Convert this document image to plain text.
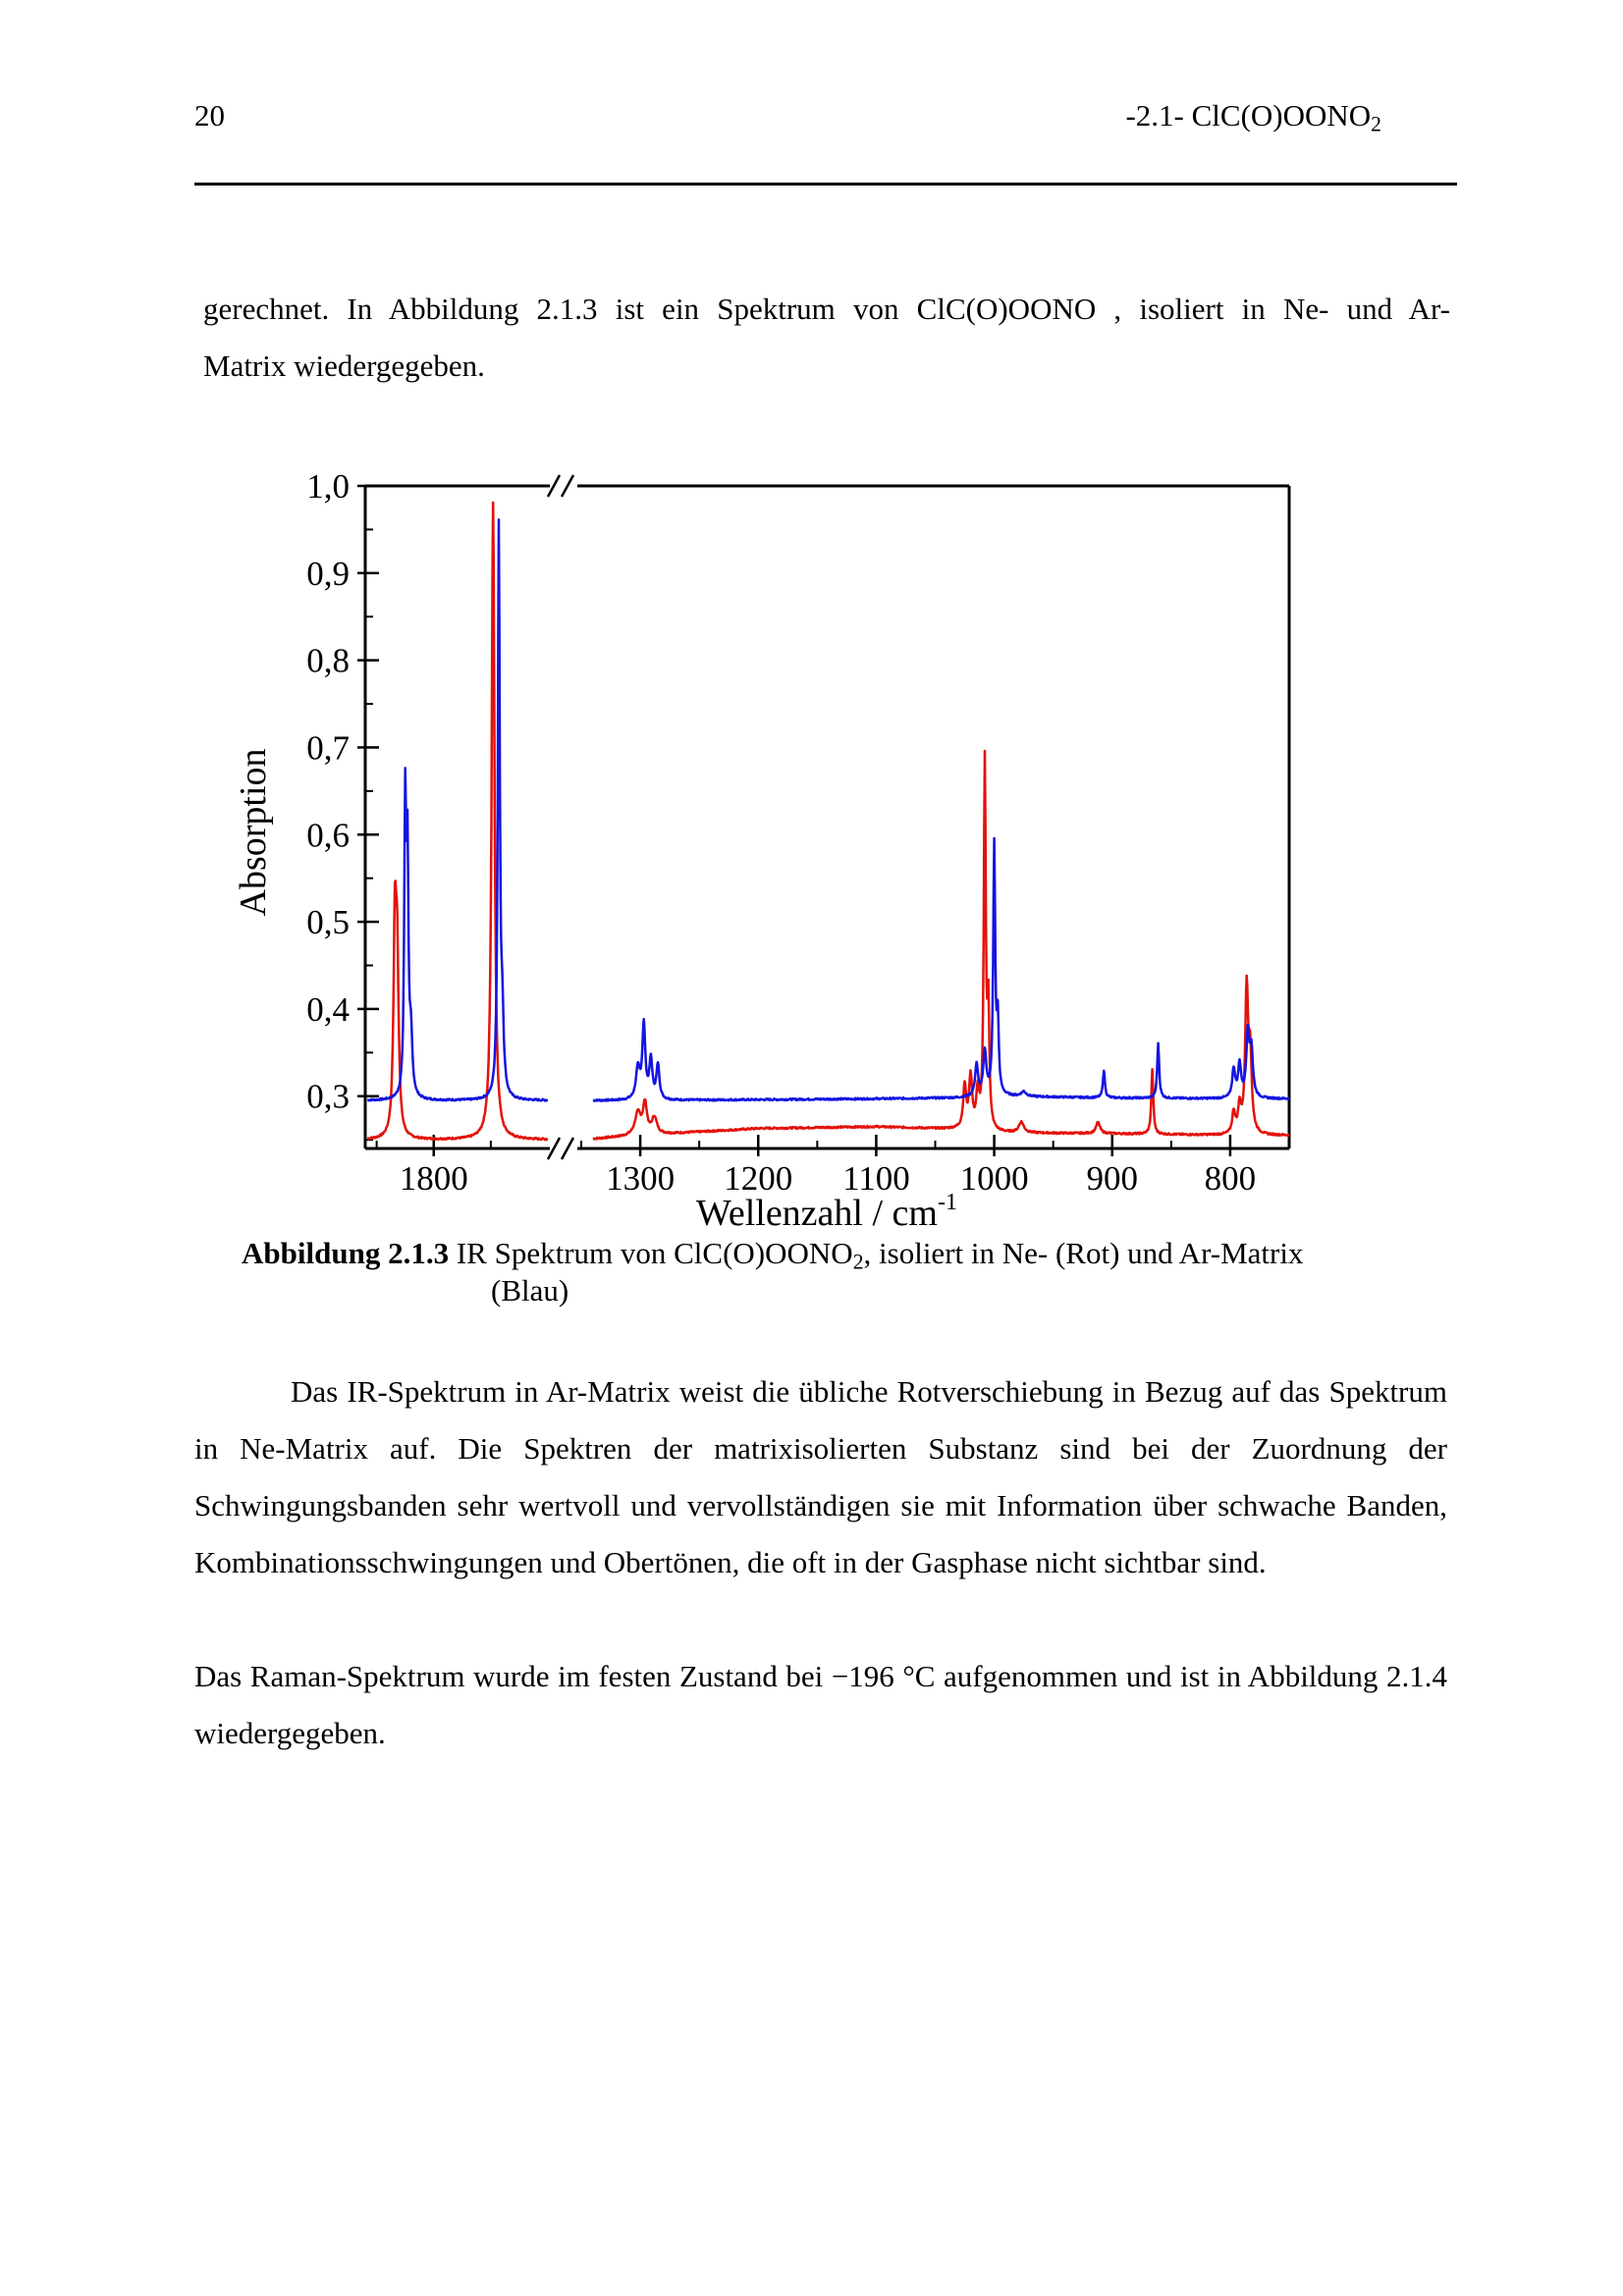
20	-2.1- $ClC(O)OONO_2$
gerechnet. In Abbildung 2.1.3 ist ein Spektrum von ClC(O)OONO , isoliert in Ne- und Ar-
Matrix wiedergegeben.
1,0
0,9
0,8
0,7
0,6
0,5
0,4
0,3
1800	1300 1200 1100 1000 900 800
Absorption
Wellenzahl / $cm^{-1}$
Abbildung 2.1.3 IR Spektrum von $ClC(O)OONO_2$, isoliert in Ne- (Rot) und Ar-Matrix
(Blau)
Das IR-Spektrum in Ar-Matrix weist die übliche Rotverschiebung in Bezug auf das Spektrum in Ne-Matrix auf. Die Spektren der matrixisolierten Substanz sind bei der Zuordnung der Schwingungsbanden sehr wertvoll und vervollständigen sie mit Information über schwache Banden, Kombinationsschwingungen und Obertönen, die oft in der Gasphase nicht sichtbar sind.
Das Raman-Spektrum wurde im festen Zustand bei −196 °C aufgenommen und ist in Abbildung 2.1.4 wiedergegeben.
